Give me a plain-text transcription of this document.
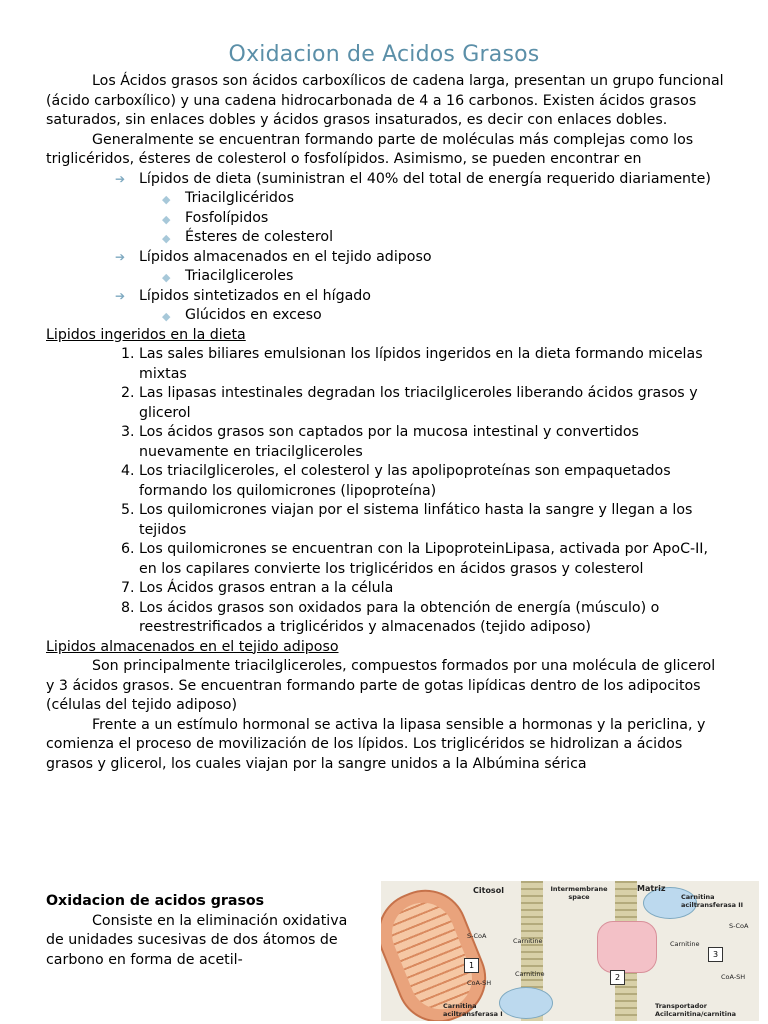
Oxidacion de Acidos Grasos

Los Ácidos grasos son ácidos carboxílicos de cadena larga, presentan un grupo funcional (ácido carboxílico) y una cadena hidrocarbonada de 4 a 16 carbonos. Existen ácidos grasos saturados, sin enlaces dobles y ácidos grasos insaturados, es decir con enlaces dobles.

Generalmente se encuentran formando parte de moléculas más complejas como los triglicéridos, ésteres de colesterol o fosfolípidos. Asimismo, se pueden encontrar en

➔ Lípidos de dieta (suministran el 40% del total de energía requerido diariamente)

◆ Triacilglicéridos

◆ Fosfolípidos

◆ Ésteres de colesterol

➔ Lípidos almacenados en el tejido adiposo

◆ Triacilgliceroles

➔ Lípidos sintetizados en el hígado

◆ Glúcidos en exceso

Lipidos ingeridos en la dieta

1. Las sales biliares emulsionan los lípidos ingeridos en la dieta formando micelas mixtas
2. Las lipasas intestinales degradan los triacilgliceroles liberando ácidos grasos y glicerol
3. Los ácidos grasos son captados por la mucosa intestinal y convertidos nuevamente en triacilgliceroles
4. Los triacilgliceroles, el colesterol y las apolipoproteínas son empaquetados formando los quilomicrones (lipoproteína)
5. Los quilomicrones viajan por el sistema linfático hasta la sangre y llegan a los tejidos
6. Los quilomicrones se encuentran con la LipoproteinLipasa, activada por ApoC-II, en los capilares convierte los triglicéridos en ácidos grasos y colesterol
7. Los Ácidos grasos entran a la célula
8. Los ácidos grasos son oxidados para la obtención de energía (músculo) o reestrestrificados a triglicéridos y almacenados (tejido adiposo)

Lipidos almacenados en el tejido adiposo

Son principalmente triacilgliceroles, compuestos formados por una molécula de glicerol y 3 ácidos grasos. Se encuentran formando parte de gotas lipídicas dentro de los adipocitos (células del tejido adiposo)

Frente a un estímulo hormonal se activa la lipasa sensible a hormonas y la periclina, y comienza el proceso de movilización de los lípidos. Los triglicéridos se hidrolizan a ácidos grasos y glicerol, los cuales viajan por la sangre unidos a la Albúmina sérica

Oxidacion de acidos grasos

Consiste en la eliminación oxidativa de unidades sucesivas de dos átomos de carbono en forma de acetil-

Citosol	Intermembrane space
Matriz
Carnitina aciltransferasa II
Carnitina aciltransferasa I
Transportador Acilcarnitina/carnitina
Carnitine
Carnitine
Carnitine
S-CoA
S-CoA
CoA-SH
CoA-SH
1
2
3
